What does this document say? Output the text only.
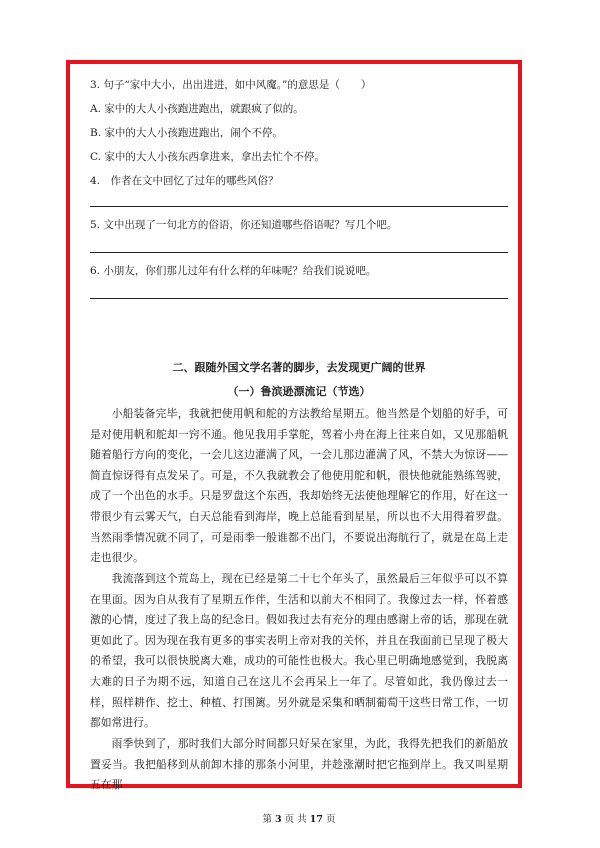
3. 句子“家中大小，出出进进，如中风魔。”的意思是（　　）
A. 家中的大人小孩跑进跑出，就跟疯了似的。
B. 家中的大人小孩跑进跑出，闹个不停。
C. 家中的大人小孩东西拿进来，拿出去忙个不停。
4.　作者在文中回忆了过年的哪些风俗？
5. 文中出现了一句北方的俗语，你还知道哪些俗语呢？写几个吧。
6. 小朋友，你们那儿过年有什么样的年味呢？给我们说说吧。
二、跟随外国文学名著的脚步，去发现更广阔的世界
（一）鲁滨逊漂流记（节选）
小船装备完毕，我就把使用帆和舵的方法教给星期五。他当然是个划船的好手，可是对使用帆和舵却一窍不通。他见我用手掌舵，驾着小舟在海上往来自如，又见那船帆随着船行方向的变化，一会儿这边灌满了风，一会儿那边灌满了风，不禁大为惊讶——简直惊讶得有点发呆了。可是，不久我就教会了他使用舵和帆，很快他就能熟练驾驶，成了一个出色的水手。只是罗盘这个东西，我却始终无法使他理解它的作用，好在这一带很少有云雾天气，白天总能看到海岸，晚上总能看到星星，所以也不大用得着罗盘。当然雨季情况就不同了，可是雨季一般谁都不出门，不要说出海航行了，就是在岛上走走也很少。
我流落到这个荒岛上，现在已经是第二十七个年头了，虽然最后三年似乎可以不算在里面。因为自从我有了星期五作伴，生活和以前大不相同了。我像过去一样，怀着感激的心情，度过了我上岛的纪念日。假如我过去有充分的理由感谢上帝的话，那现在就更如此了。因为现在我有更多的事实表明上帝对我的关怀，并且在我面前已呈现了极大的希望，我可以很快脱离大难，成功的可能性也极大。我心里已明确地感觉到，我脱离大难的日子为期不远，知道自己在这儿不会再呆上一年了。尽管如此，我仍像过去一样，照样耕作、挖土、种植、打围篱。另外就是采集和晒制葡萄干这些日常工作，一切都如常进行。
雨季快到了，那时我们大部分时间都只好呆在家里，为此，我得先把我们的新船放置妥当。我把船移到从前卸木排的那条小河里，并趁涨潮时把它拖到岸上。我又叫星期五在那
第 3 页 共 17 页
